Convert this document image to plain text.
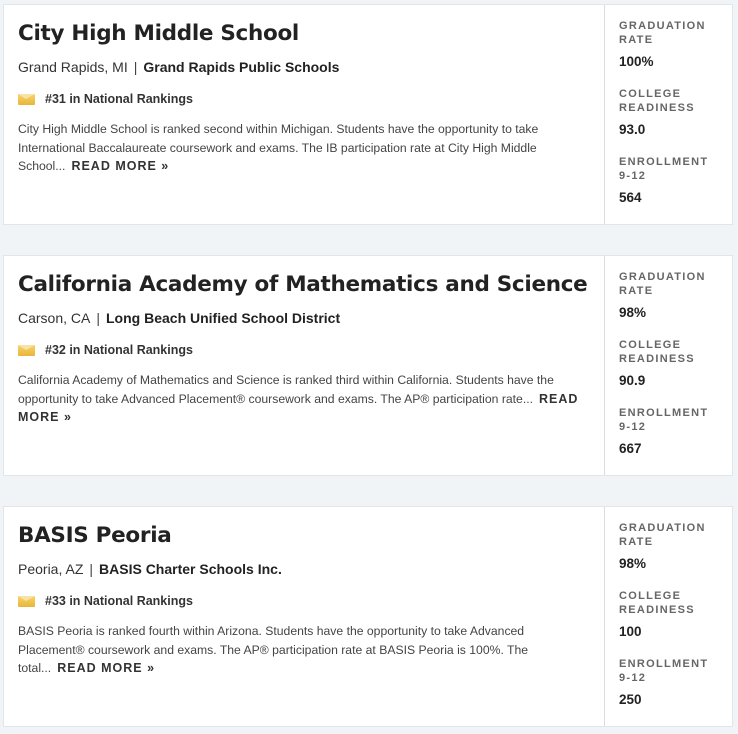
City High Middle School
Grand Rapids, MI | Grand Rapids Public Schools
#31 in National Rankings
City High Middle School is ranked second within Michigan. Students have the opportunity to take International Baccalaureate coursework and exams. The IB participation rate at City High Middle School... READ MORE »
GRADUATION RATE
100%
COLLEGE READINESS
93.0
ENROLLMENT 9-12
564
California Academy of Mathematics and Science
Carson, CA | Long Beach Unified School District
#32 in National Rankings
California Academy of Mathematics and Science is ranked third within California. Students have the opportunity to take Advanced Placement® coursework and exams. The AP® participation rate... READ MORE »
GRADUATION RATE
98%
COLLEGE READINESS
90.9
ENROLLMENT 9-12
667
BASIS Peoria
Peoria, AZ | BASIS Charter Schools Inc.
#33 in National Rankings
BASIS Peoria is ranked fourth within Arizona. Students have the opportunity to take Advanced Placement® coursework and exams. The AP® participation rate at BASIS Peoria is 100%. The total... READ MORE »
GRADUATION RATE
98%
COLLEGE READINESS
100
ENROLLMENT 9-12
250
